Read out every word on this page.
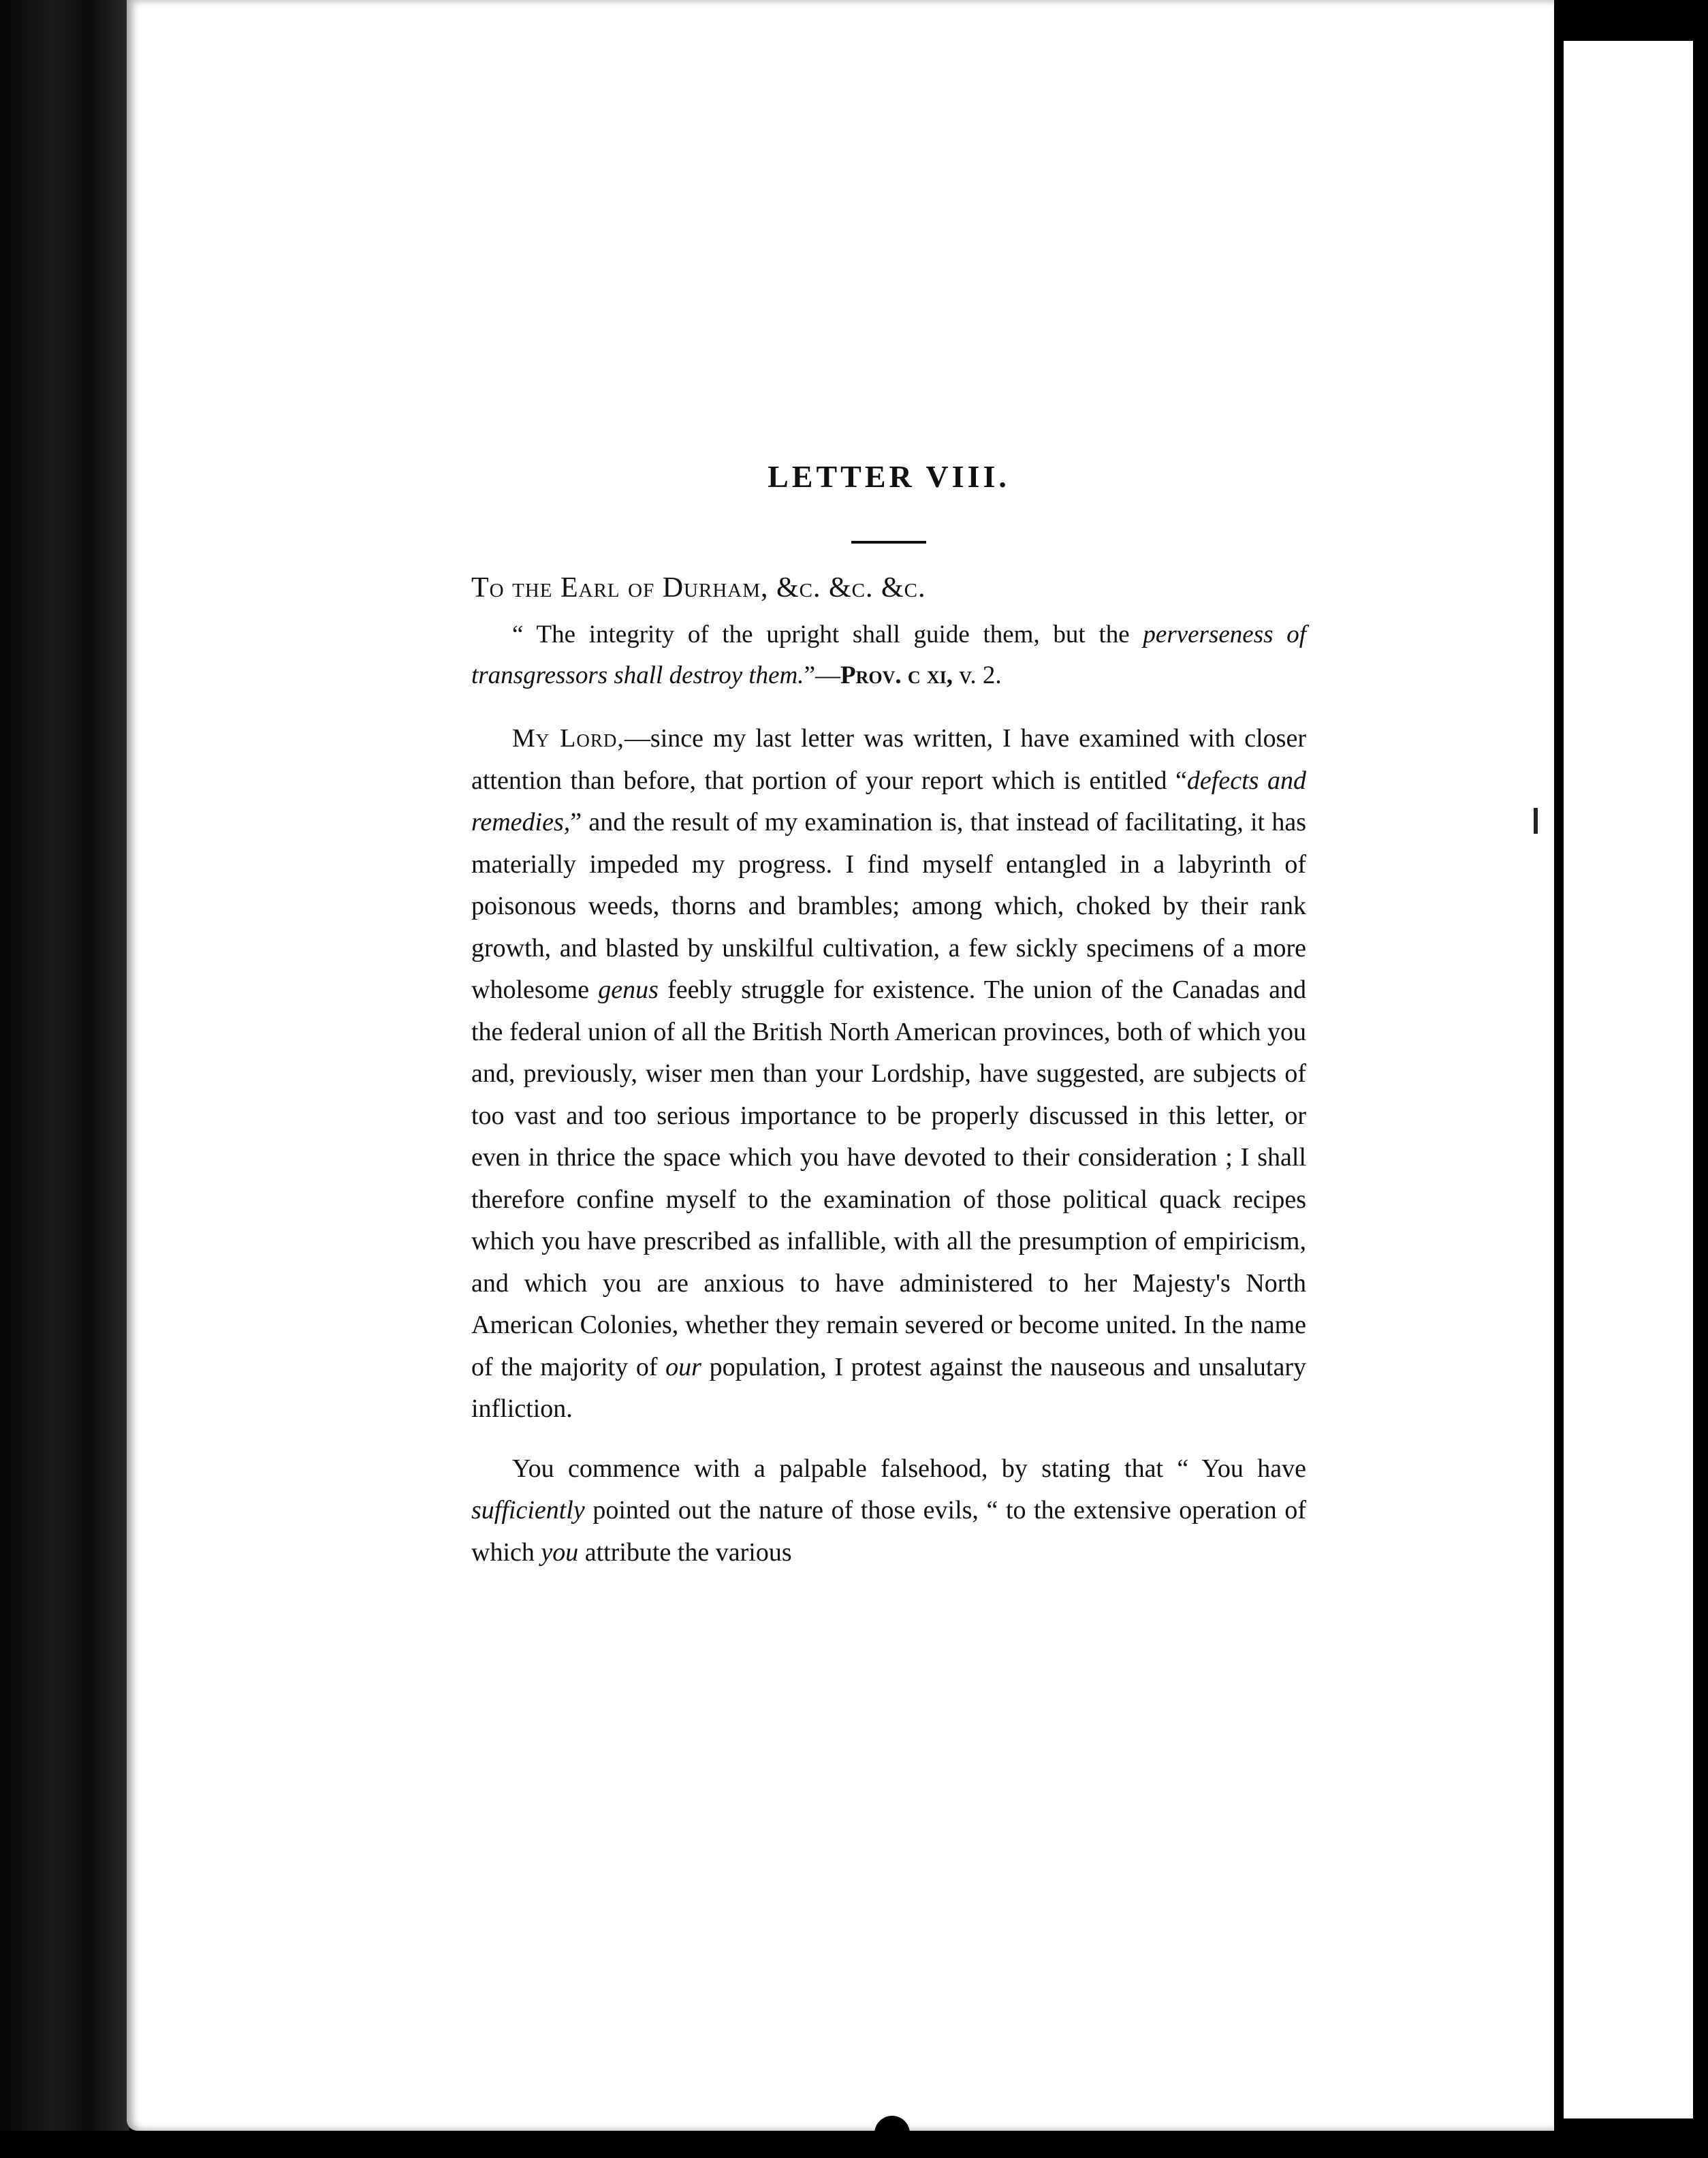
LETTER VIII.
To the Earl of Durham, &c. &c. &c.
“ The integrity of the upright shall guide them, but the perverseness of transgressors shall destroy them.”—Prov. c xi, v. 2.

My Lord,—since my last letter was written, I have examined with closer attention than before, that portion of your report which is entitled “defects and remedies,” and the result of my examination is, that instead of facilitating, it has materially impeded my progress. I find myself entangled in a labyrinth of poisonous weeds, thorns and brambles; among which, choked by their rank growth, and blasted by unskilful cultivation, a few sickly specimens of a more wholesome genus feebly struggle for existence. The union of the Canadas and the federal union of all the British North American provinces, both of which you and, previously, wiser men than your Lordship, have suggested, are subjects of too vast and too serious importance to be properly discussed in this letter, or even in thrice the space which you have devoted to their consideration ; I shall therefore confine myself to the examination of those political quack recipes which you have prescribed as infallible, with all the presumption of empiricism, and which you are anxious to have administered to her Majesty's North American Colonies, whether they remain severed or become united. In the name of the majority of our population, I protest against the nauseous and unsalutary infliction.

You commence with a palpable falsehood, by stating that “ You have sufficiently pointed out the nature of those evils, “ to the extensive operation of which you attribute the various
